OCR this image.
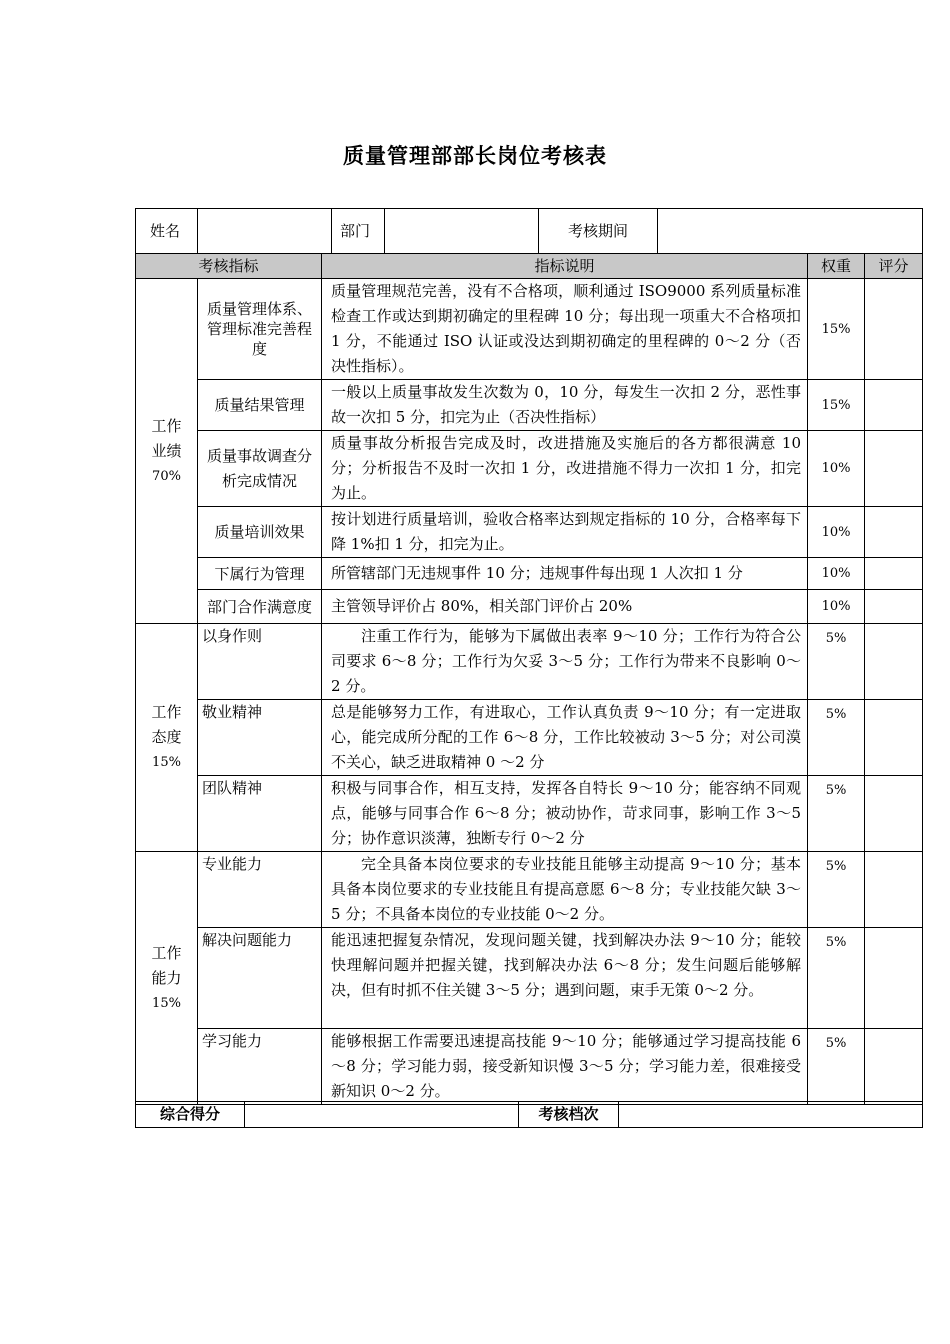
质量管理部部长岗位考核表
姓名		部门		考核期间	
考核指标		指标说明	权重	评分

工作
业绩
70%	质量管理体系、管理标准完善程度	质量管理规范完善，没有不合格项，顺利通过 ISO9000 系列质量标准检查工作或达到期初确定的里程碑 10 分；每出现一项重大不合格项扣 1 分，不能通过 ISO 认证或没达到期初确定的里程碑的 0～2 分（否决性指标）。	15%	
	质量结果管理	一般以上质量事故发生次数为 0，10 分，每发生一次扣 2 分，恶性事故一次扣 5 分，扣完为止（否决性指标）	15%	
	质量事故调查分析完成情况	质量事故分析报告完成及时，改进措施及实施后的各方都很满意 10 分；分析报告不及时一次扣 1 分，改进措施不得力一次扣 1 分，扣完为止。	10%	
	质量培训效果	按计划进行质量培训，验收合格率达到规定指标的 10 分，合格率每下降 1%扣 1 分，扣完为止。	10%	
	下属行为管理	所管辖部门无违规事件 10 分；违规事件每出现 1 人次扣 1 分	10%	
	部门合作满意度	主管领导评价占 80%，相关部门评价占 20%	10%	

工作
态度
15%	以身作则	注重工作行为，能够为下属做出表率 9～10 分；工作行为符合公司要求 6～8 分；工作行为欠妥 3～5 分；工作行为带来不良影响 0～2 分。	5%	
	敬业精神	总是能够努力工作，有进取心，工作认真负责 9～10 分；有一定进取心，能完成所分配的工作 6～8 分，工作比较被动 3～5 分；对公司漠不关心，缺乏进取精神 0 ～2 分	5%	
	团队精神	积极与同事合作，相互支持，发挥各自特长 9～10 分；能容纳不同观点，能够与同事合作 6～8 分；被动协作，苛求同事，影响工作 3～5 分；协作意识淡薄，独断专行 0～2 分	5%	

工作
能力
15%	专业能力	完全具备本岗位要求的专业技能且能够主动提高 9～10 分；基本具备本岗位要求的专业技能且有提高意愿 6～8 分；专业技能欠缺 3～5 分；不具备本岗位的专业技能 0～2 分。	5%	
	解决问题能力	能迅速把握复杂情况，发现问题关键，找到解决办法 9～10 分；能较快理解问题并把握关键，找到解决办法 6～8 分；发生问题后能够解决，但有时抓不住关键 3～5 分；遇到问题，束手无策 0～2 分。	5%	
	学习能力	能够根据工作需要迅速提高技能 9～10 分；能够通过学习提高技能 6～8 分；学习能力弱，接受新知识慢 3～5 分；学习能力差，很难接受新知识 0～2 分。	5%	
综合得分		考核档次	
